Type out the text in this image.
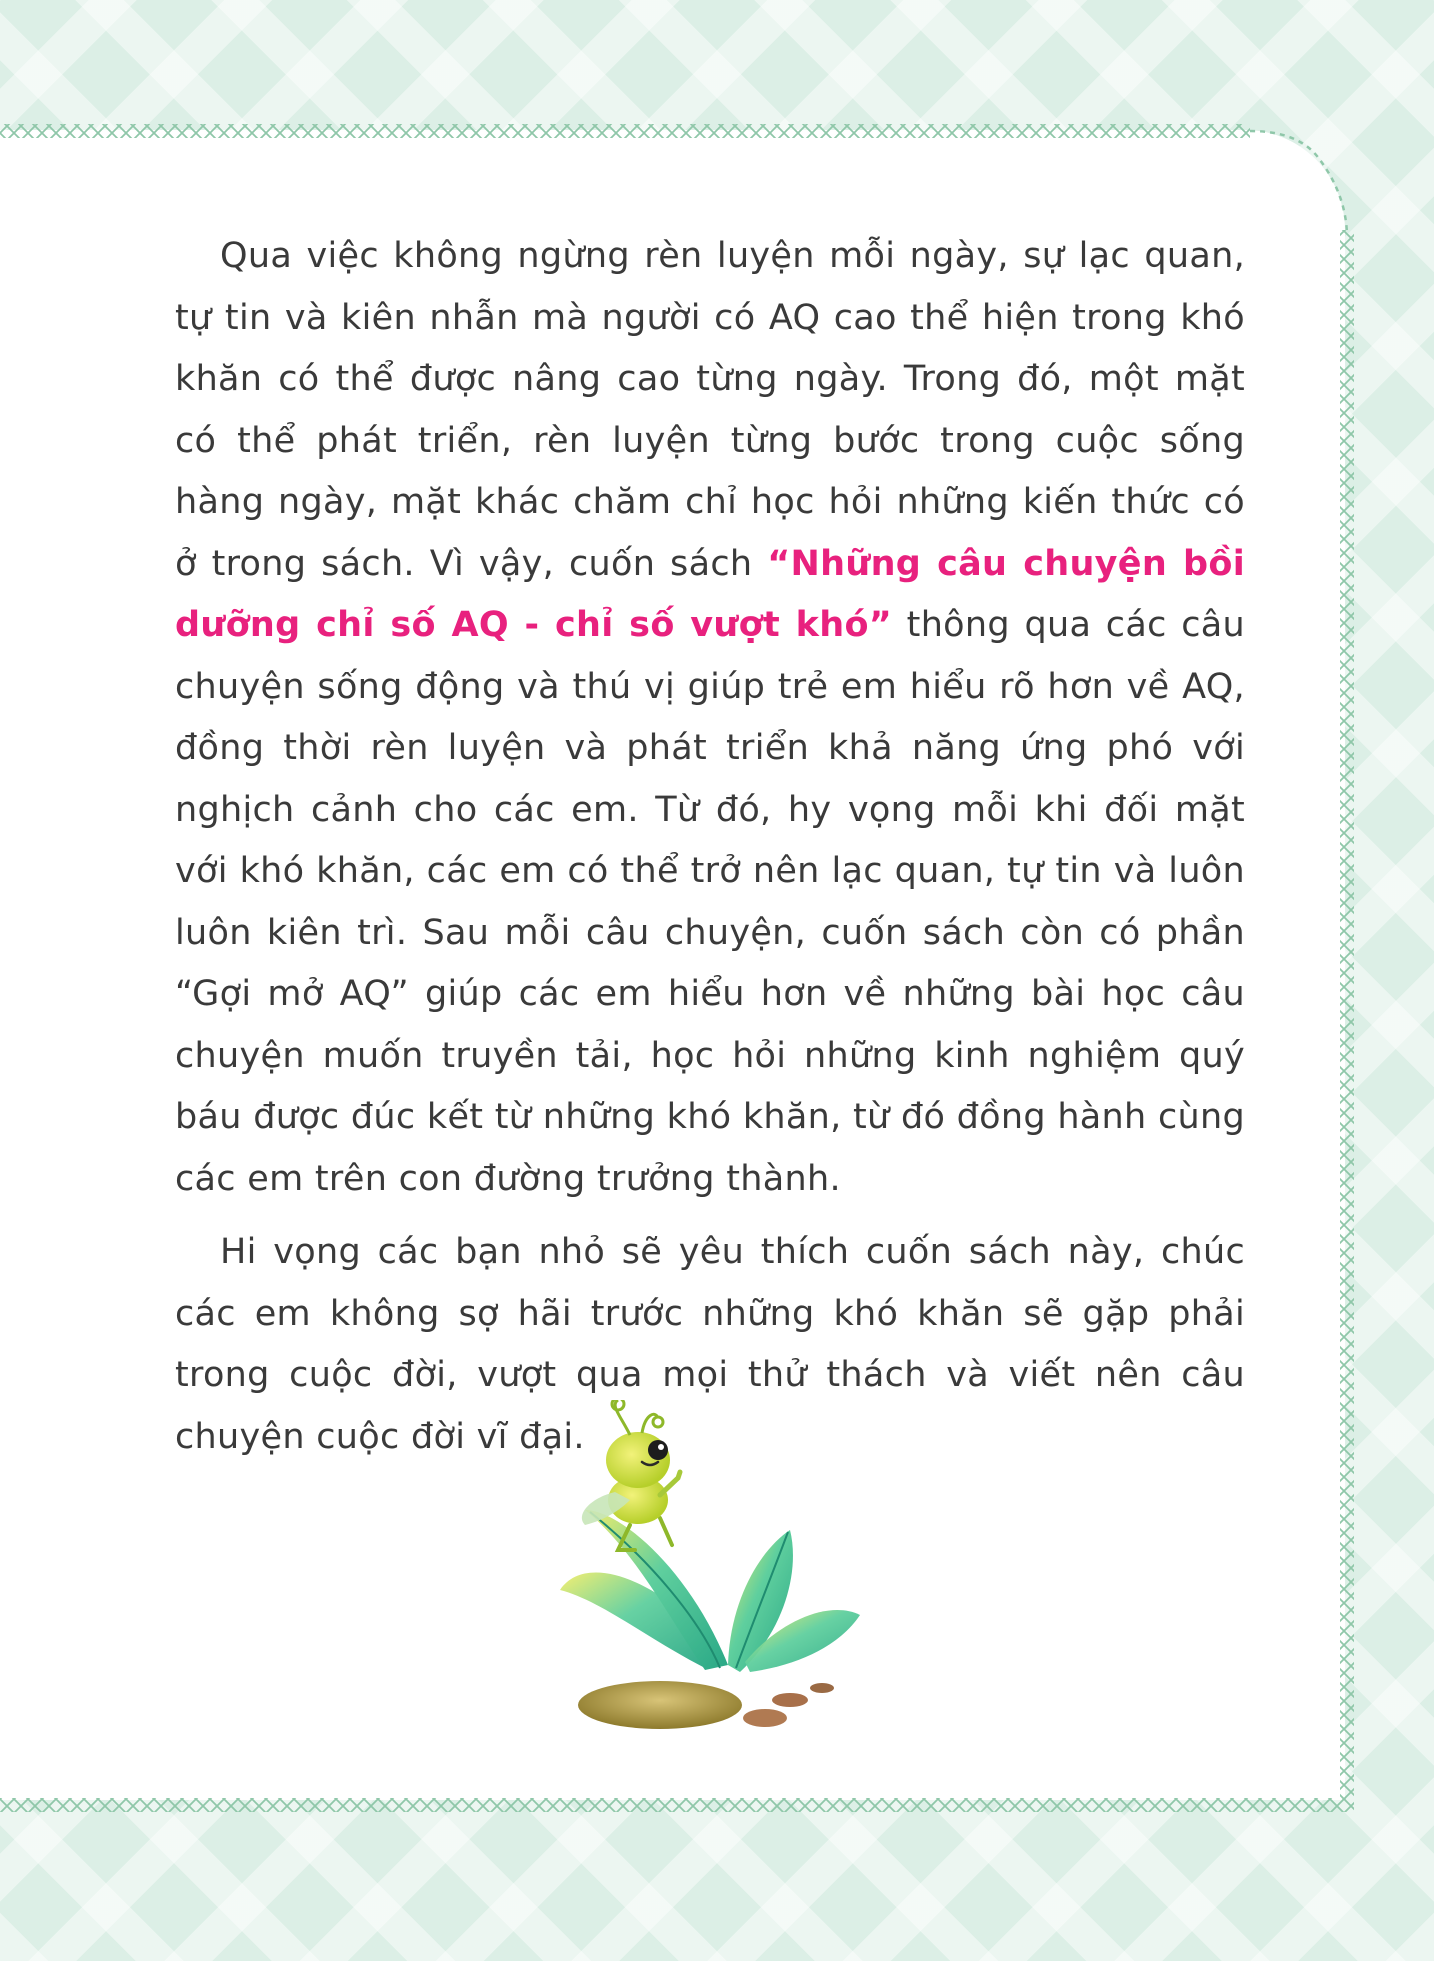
Qua việc không ngừng rèn luyện mỗi ngày, sự lạc quan, tự tin và kiên nhẫn mà người có AQ cao thể hiện trong khó khăn có thể được nâng cao từng ngày. Trong đó, một mặt có thể phát triển, rèn luyện từng bước trong cuộc sống hàng ngày, mặt khác chăm chỉ học hỏi những kiến thức có ở trong sách. Vì vậy, cuốn sách “Những câu chuyện bồi dưỡng chỉ số AQ - chỉ số vượt khó” thông qua các câu chuyện sống động và thú vị giúp trẻ em hiểu rõ hơn về AQ, đồng thời rèn luyện và phát triển khả năng ứng phó với nghịch cảnh cho các em. Từ đó, hy vọng mỗi khi đối mặt với khó khăn, các em có thể trở nên lạc quan, tự tin và luôn luôn kiên trì. Sau mỗi câu chuyện, cuốn sách còn có phần “Gợi mở AQ” giúp các em hiểu hơn về những bài học câu chuyện muốn truyền tải, học hỏi những kinh nghiệm quý báu được đúc kết từ những khó khăn, từ đó đồng hành cùng các em trên con đường trưởng thành.

Hi vọng các bạn nhỏ sẽ yêu thích cuốn sách này, chúc các em không sợ hãi trước những khó khăn sẽ gặp phải trong cuộc đời, vượt qua mọi thử thách và viết nên câu chuyện cuộc đời vĩ đại.
